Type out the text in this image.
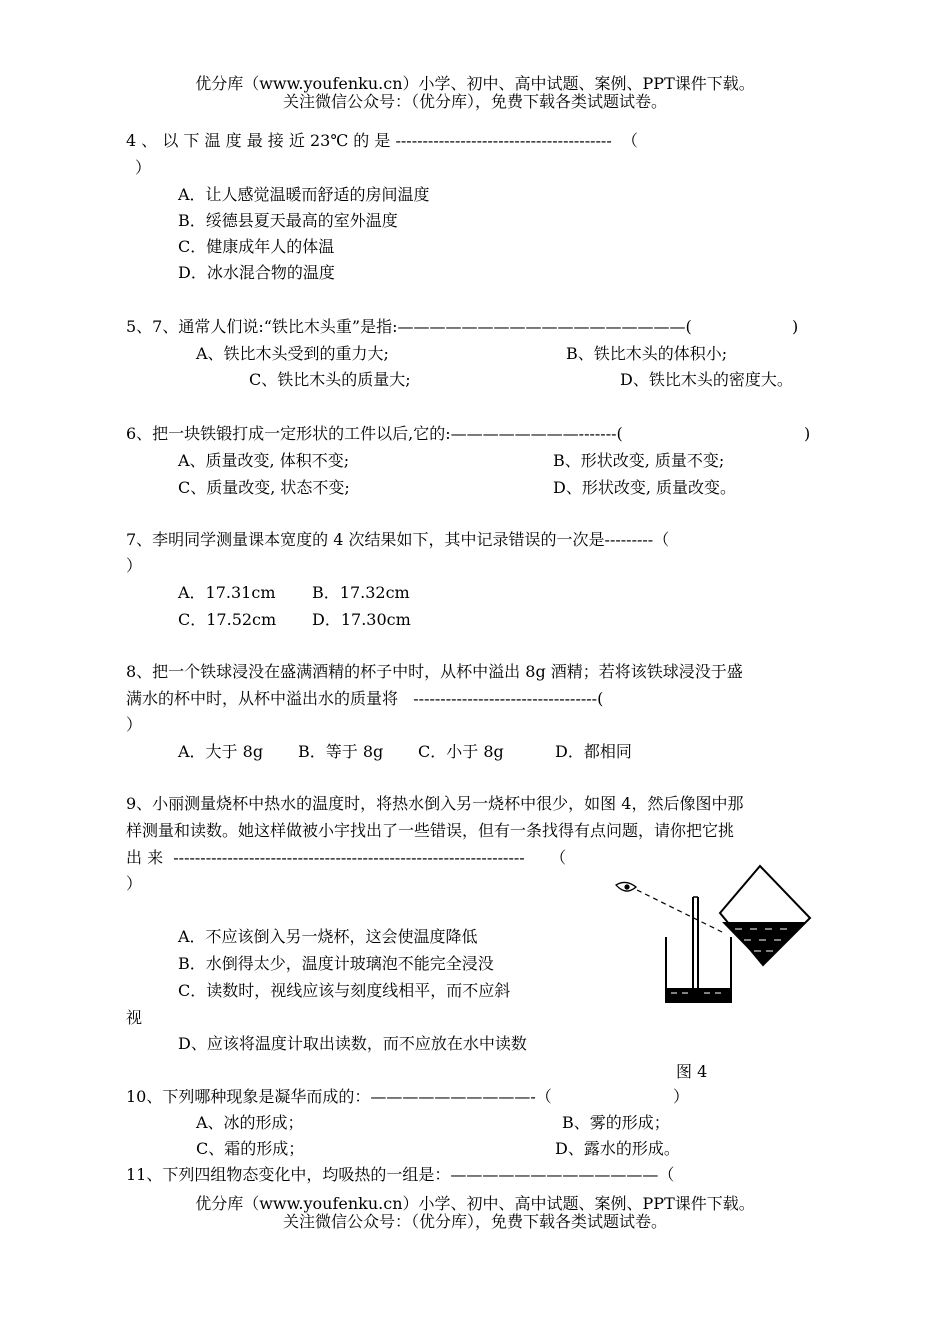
优分库（www.youfenku.cn）小学、初中、高中试题、案例、PPT课件下载。
关注微信公众号：（优分库），免费下载各类试题试卷。
4 、 以 下 温 度 最 接 近 23℃ 的 是 ----------------------------------------  （
）
A．让人感觉温暖而舒适的房间温度
B．绥德县夏天最高的室外温度
C．健康成年人的体温
D．冰水混合物的温度
5、7、通常人们说:“铁比木头重”是指:——————————————————(	)
A、铁比木头受到的重力大;	B、铁比木头的体积小;
C、铁比木头的质量大;	D、铁比木头的密度大。
6、把一块铁锻打成一定形状的工件以后,它的:————————-------(	)
A、质量改变, 体积不变;	B、形状改变, 质量不变;
C、质量改变, 状态不变;	D、形状改变, 质量改变。
7、李明同学测量课本宽度的 4 次结果如下，其中记录错误的一次是---------（
）
A．17.31cm B．17.32cm
C．17.52cm D．17.30cm
8、把一个铁球浸没在盛满酒精的杯子中时，从杯中溢出 8g 酒精；若将该铁球浸没于盛
满水的杯中时，从杯中溢出水的质量将   ----------------------------------(
）
A．大于 8g B．等于 8g C．小于 8g	D．都相同
9、小丽测量烧杯中热水的温度时，将热水倒入另一烧杯中很少，如图 4，然后像图中那
样测量和读数。她这样做被小宇找出了一些错误，但有一条找得有点问题，请你把它挑
出 来  -----------------------------------------------------------------     （
）
A．不应该倒入另一烧杯，这会使温度降低
B．水倒得太少，温度计玻璃泡不能完全浸没
C．读数时，视线应该与刻度线相平，而不应斜
视
D、应该将温度计取出读数，而不应放在水中读数
图 4
10、下列哪种现象是凝华而成的：——————————-（	）
A、冰的形成；	B、雾的形成；
C、霜的形成；	D、露水的形成。
11、下列四组物态变化中，均吸热的一组是：—————————————（
优分库（www.youfenku.cn）小学、初中、高中试题、案例、PPT课件下载。
关注微信公众号：（优分库），免费下载各类试题试卷。
